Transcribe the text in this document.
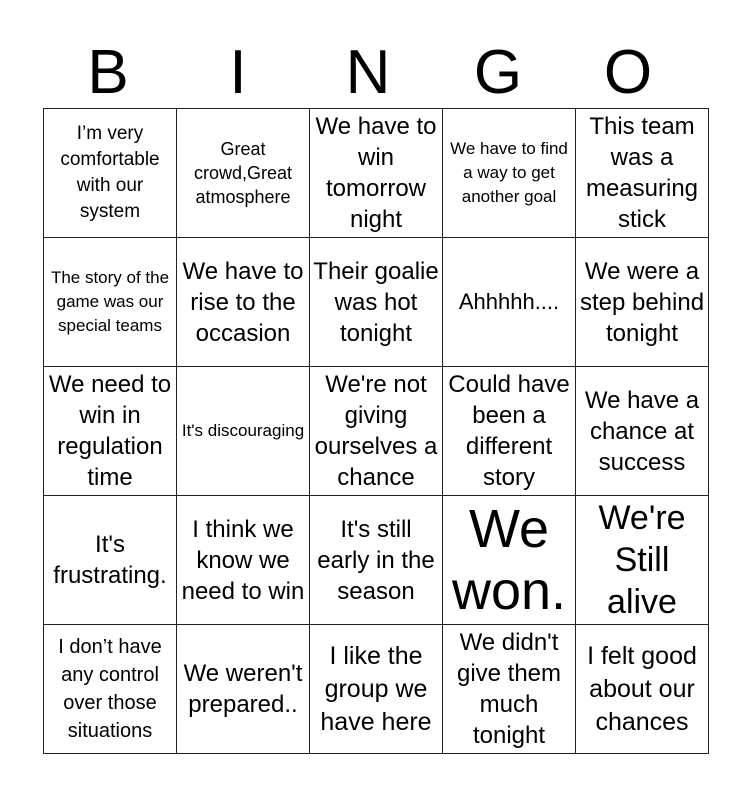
B	I	N	G	O
I’m very comfortable with our system	Great crowd,Great atmosphere	We have to win tomorrow night	We have to find a way to get another goal	This team was a measuring stick

The story of the game was our special teams	We have to rise to the occasion	Their goalie was hot tonight	Ahhhhh....	We were a step behind tonight

We need to win in regulation time	It's discouraging	We're not giving ourselves a chance	Could have been a different story	We have a chance at success

It's frustrating.	I think we know we need to win	It's still early in the season	We won.	We're Still alive

I don’t have any control over those situations	We weren't prepared..	I like the group we have here	We didn't give them much tonight	I felt good about our chances
